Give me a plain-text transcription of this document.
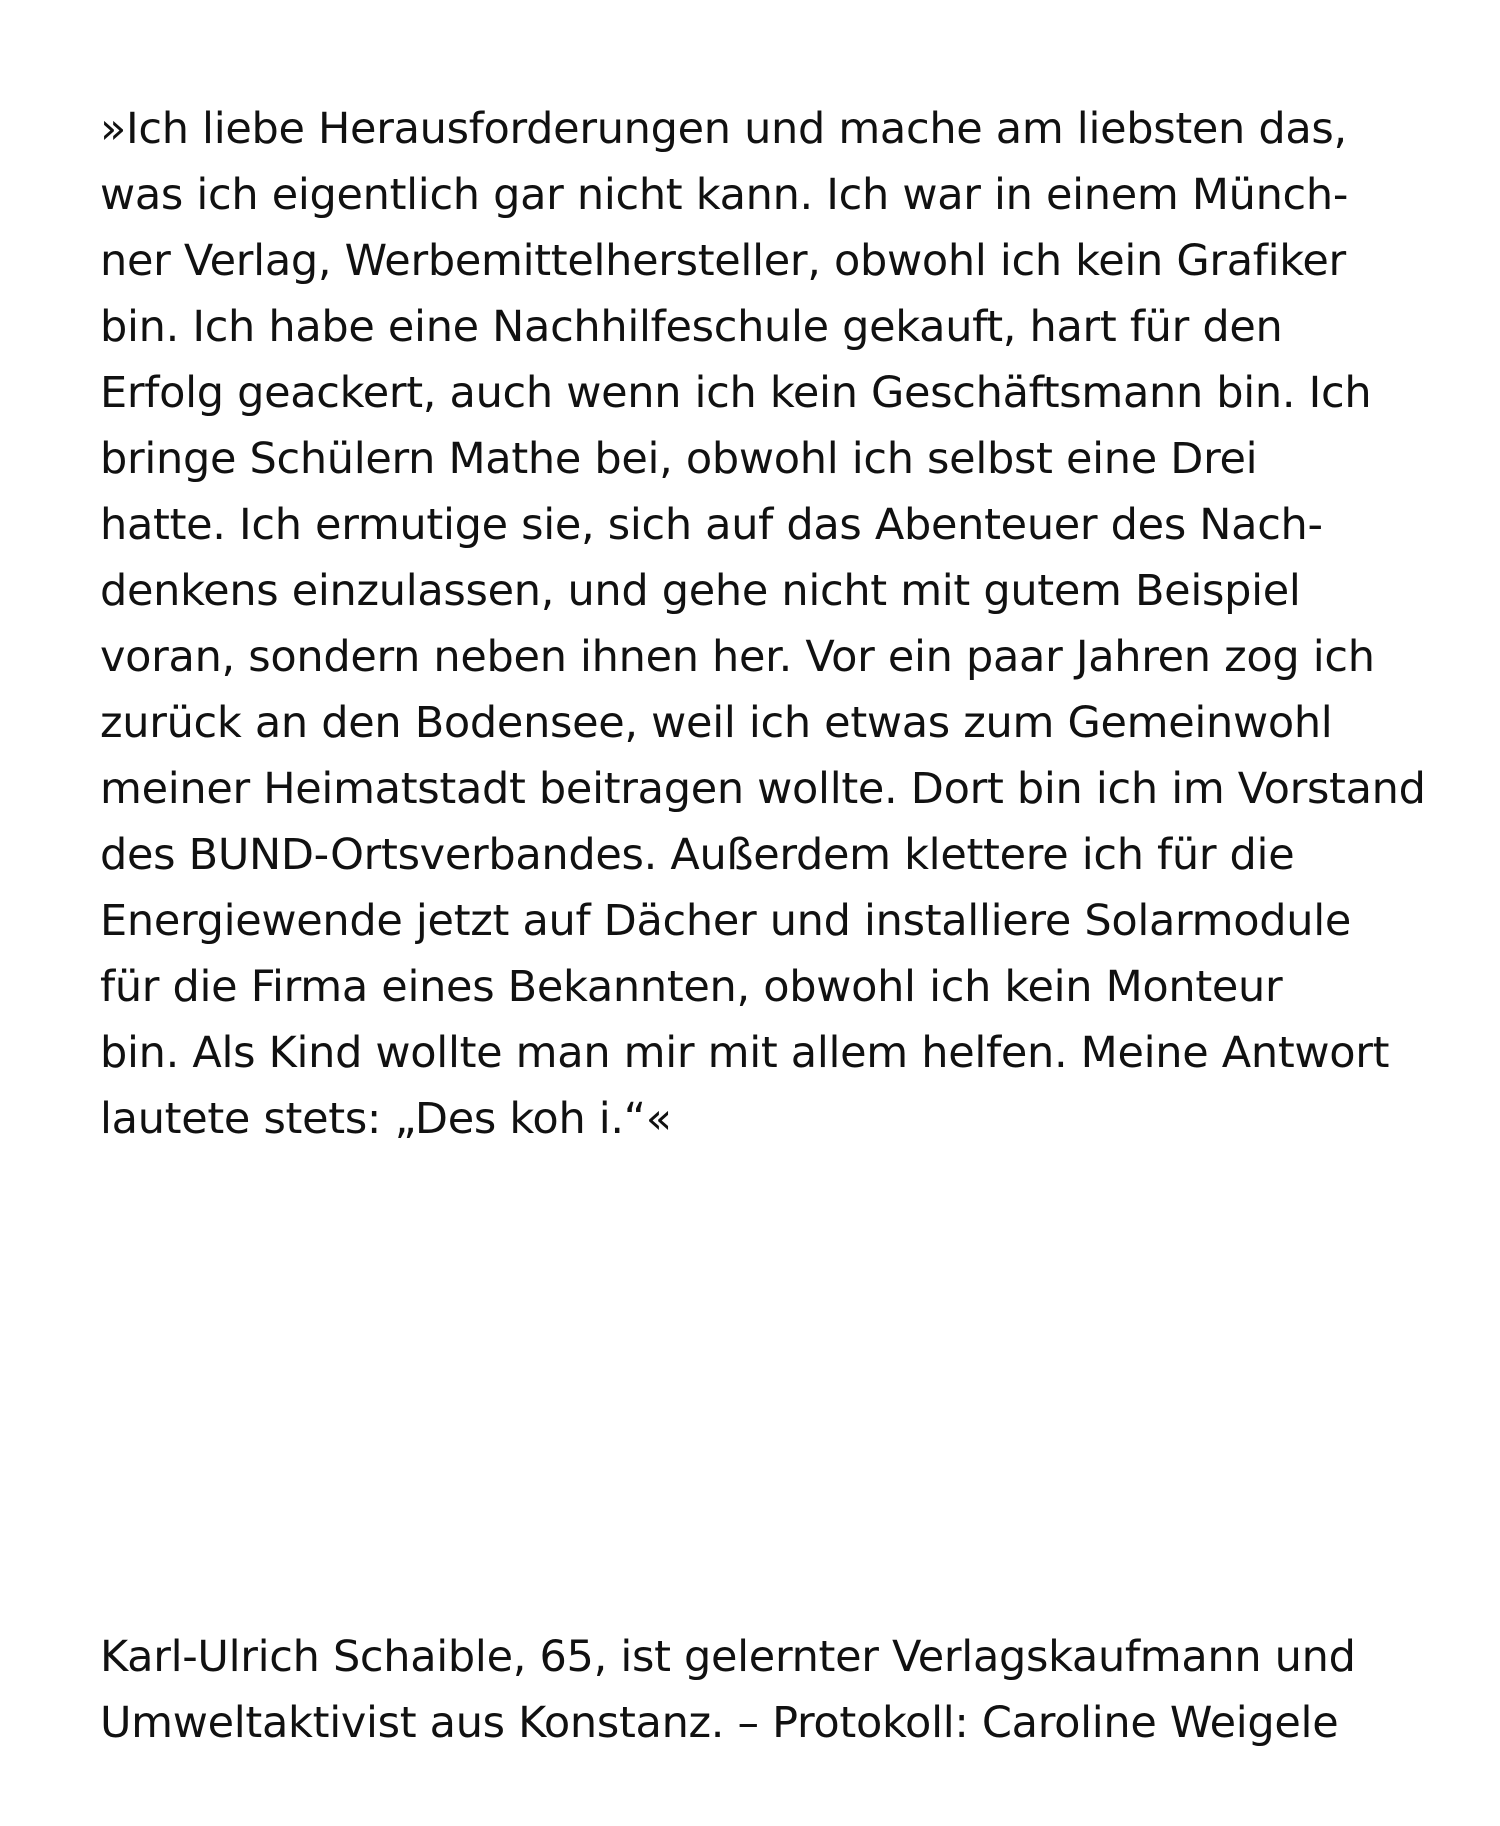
»Ich liebe Herausforderungen und mache am liebsten das,
was ich eigentlich gar nicht kann. Ich war in einem Münch-
ner Verlag, Werbemittelhersteller, obwohl ich kein Grafiker
bin. Ich habe eine Nachhilfeschule gekauft, hart für den
Erfolg geackert, auch wenn ich kein Geschäftsmann bin. Ich
bringe Schülern Mathe bei, obwohl ich selbst eine Drei
hatte. Ich ermutige sie, sich auf das Abenteuer des Nach-
denkens einzulassen, und gehe nicht mit gutem Beispiel
voran, sondern neben ihnen her. Vor ein paar Jahren zog ich
zurück an den Bodensee, weil ich etwas zum Gemeinwohl
meiner Heimatstadt beitragen wollte. Dort bin ich im Vorstand
des BUND-Ortsverbandes. Außerdem klettere ich für die
Energiewende jetzt auf Dächer und installiere Solarmodule
für die Firma eines Bekannten, obwohl ich kein Monteur
bin. Als Kind wollte man mir mit allem helfen. Meine Antwort
lautete stets: „Des koh i.“«
Karl-Ulrich Schaible, 65, ist gelernter Verlagskaufmann und
Umweltaktivist aus Konstanz. – Protokoll: Caroline Weigele
